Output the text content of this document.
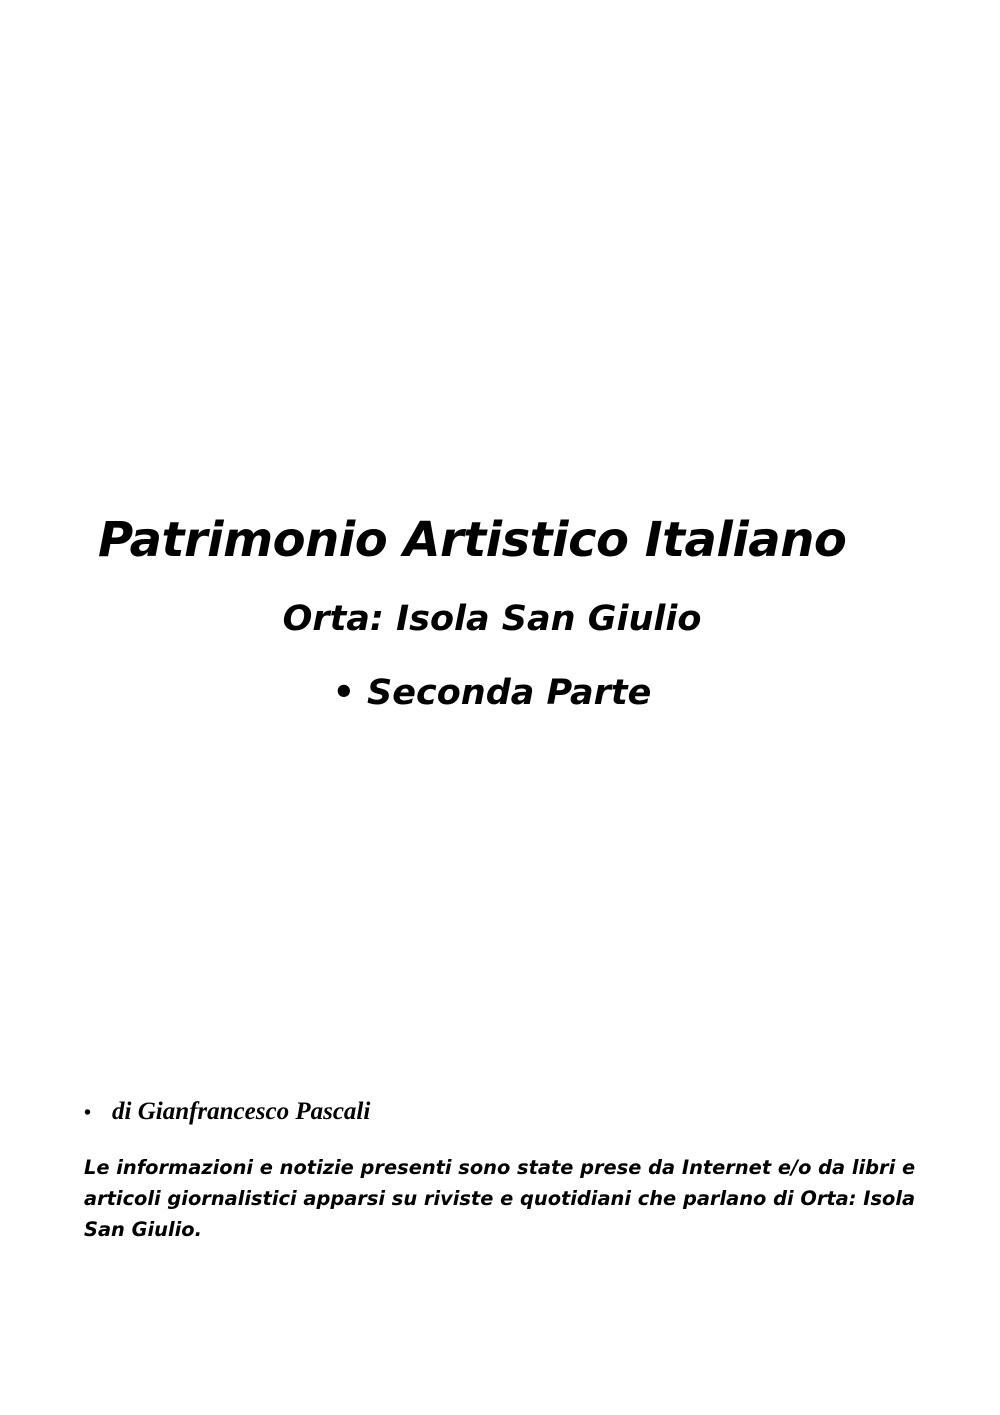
Patrimonio Artistico Italiano
Orta: Isola San Giulio
• Seconda Parte

• di Gianfrancesco Pascali

Le informazioni e notizie presenti sono state prese da Internet e/o da libri e
articoli giornalistici apparsi su riviste e quotidiani che parlano di Orta: Isola
San Giulio.
